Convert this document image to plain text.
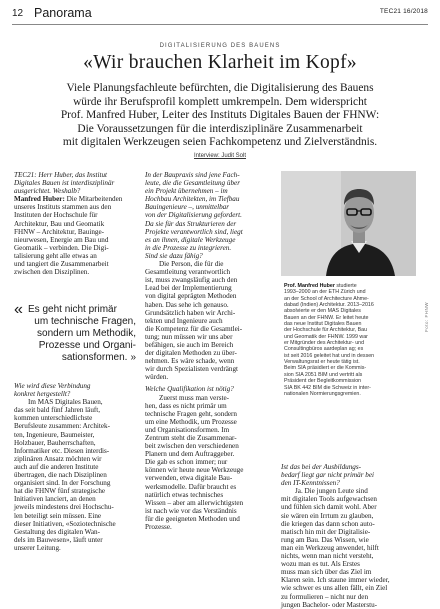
12 Panorama	TEC21 16/2018
DIGITALISIERUNG DES BAUENS
«Wir brauchen Klarheit im Kopf»
Viele Planungsfachleute befürchten, die Digitalisierung des Bauens
würde ihr Berufsprofil komplett umkrempeln. Dem widerspricht
Prof. Manfred Huber, Leiter des Instituts Digitales Bauen der FHNW:
Die Voraussetzungen für die interdisziplinäre Zusammenarbeit
mit digitalen Werkzeugen seien Fachkompetenz und Zielverständnis.
Interview: Judit Solt
TEC21: Herr Huber, das Institut
Digitales Bauen ist interdisziplinär
ausgerichtet. Weshalb?
Manfred Huber: Die Mitarbeitenden
unseres Instituts stammen aus den
Instituten der Hochschule für
Architektur, Bau und Geomatik
FHNW – Architektur, Bauinge-
nieurwesen, Energie am Bau und
Geomatik – verbinden. Die Digi-
talisierung geht alle etwas an
und tangiert die Zusammenarbeit
zwischen den Disziplinen.
« Es geht nicht primär
um technische Fragen,
sondern um Methodik,
Prozesse und Organi-
sationsformen. »
Wie wird diese Verbindung
konkret hergestellt?
Im MAS Digitales Bauen,
das seit bald fünf Jahren läuft,
kommen unterschiedlichste
Berufsleute zusammen: Architek-
ten, Ingenieure, Baumeister,
Holzbauer, Bauherrschaften,
Informatiker etc. Diesen interdis-
ziplinären Ansatz möchten wir
auch auf die anderen Institute
übertragen, die nach Disziplinen
organisiert sind. In der Forschung
hat die FHNW fünf strategische
Initiativen lanciert, an denen
jeweils mindestens drei Hochschu-
len beteiligt sein müssen. Eine
dieser Initiativen, «Soziotechnische
Gestaltung des digitalen Wan-
dels im Bauwesen», läuft unter
unserer Leitung.
In der Baupraxis sind jene Fach-
leute, die die Gesamtleitung über
ein Projekt übernehmen – im
Hochbau Architekten, im Tiefbau
Bauingenieure –, unmittelbar
von der Digitalisierung gefordert.
Da sie für das Strukturieren der
Projekte verantwortlich sind, liegt
es an ihnen, digitale Werkzeuge
in die Prozesse zu integrieren.
Sind sie dazu fähig?
Die Person, die für die
Gesamtleitung verantwortlich
ist, muss zwangsläufig auch den
Lead bei der Implementierung
von digital geprägten Methoden
haben. Das sehe ich genauso.
Grundsätzlich haben wir Archi-
tekten und Ingenieure auch
die Kompetenz für die Gesamtlei-
tung; nun müssen wir uns aber
befähigen, sie auch im Bereich
der digitalen Methoden zu über-
nehmen. Es wäre schade, wenn
wir durch Spezialisten verdrängt
würden.
Welche Qualifikation ist nötig?
Zuerst muss man verste-
hen, dass es nicht primär um
technische Fragen geht, sondern
um eine Methodik, um Prozesse
und Organisationsformen. Im
Zentrum steht die Zusammenar-
beit zwischen den verschiedenen
Planern und dem Auftraggeber.
Die gab es schon immer; nur
können wir heute neue Werkzeuge
verwenden, etwa digitale Bau-
werksmodelle. Dafür braucht es
natürlich etwas technisches
Wissen – aber am allerwichtigsten
ist nach wie vor das Verständnis
für die geeigneten Methoden und
Prozesse.
Prof. Manfred Huber studierte
1993–2000 an der ETH Zürich und
an der School of Architecture Ahme-
dabad (Indien) Architektur. 2013–2016
absolvierte er den MAS Digitales
Bauen an der FHNW. Er leitet heute
das neue Institut Digitales Bauen
der Hochschule für Architektur, Bau
und Geomatik der FHNW. 1999 war
er Mitgründer des Architektur- und
Consultingbüros aardeplan ag; es
ist seit 2016 geleitet hat und in dessen
Verwaltungsrat er heute tätig ist.
Beim SIA präsidiert er die Kommis-
sion SIA 2051 BIM und vertritt als
Präsident der Begleitkommission
SIA BK 442 BIM die Schweiz in inter-
nationalen Normierungsgremien.
Foto: FHNW
Ist das bei der Ausbildungs-
bedarf liegt gar nicht primär bei
den IT-Kenntnissen?
Ja. Die jungen Leute sind
mit digitalen Tools aufgewachsen
und fühlen sich damit wohl. Aber
sie wären ein Irrtum zu glauben,
die kriegen das dann schon auto-
matisch hin mit der Digitalisie-
rung am Bau. Das Wissen, wie
man ein Werkzeug anwendet, hilft
nichts, wenn man nicht versteht,
wozu man es tut. Als Erstes
muss man sich über das Ziel im
Klaren sein. Ich staune immer wieder,
wie schwer es uns allen fällt, ein Ziel
zu formulieren – nicht nur den
jungen Bachelor- oder Masterstu-
